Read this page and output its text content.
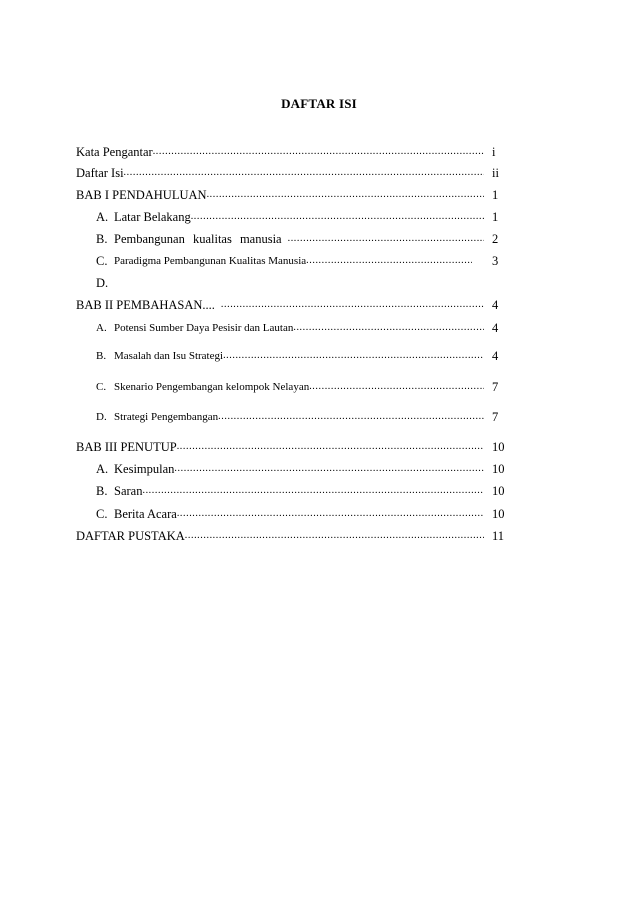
DAFTAR ISI
Kata Pengantar .....	i
Daftar Isi .....	ii
BAB I PENDAHULUAN .....	1
A. Latar Belakang .....	1
B. Pembangunan kualitas manusia .....	2
C. Paradigma Pembangunan Kualitas Manusia .....	3
D.
BAB II PEMBAHASAN.... .....	4
A. Potensi Sumber Daya Pesisir dan Lautan .....	4
B. Masalah dan Isu Strategi .....	4
C. Skenario Pengembangan kelompok Nelayan .....	7
D. Strategi Pengembangan .....	7
BAB III PENUTUP .....	10
A. Kesimpulan .....	10
B. Saran .....	10
C. Berita Acara .....	10
DAFTAR PUSTAKA .....	11
